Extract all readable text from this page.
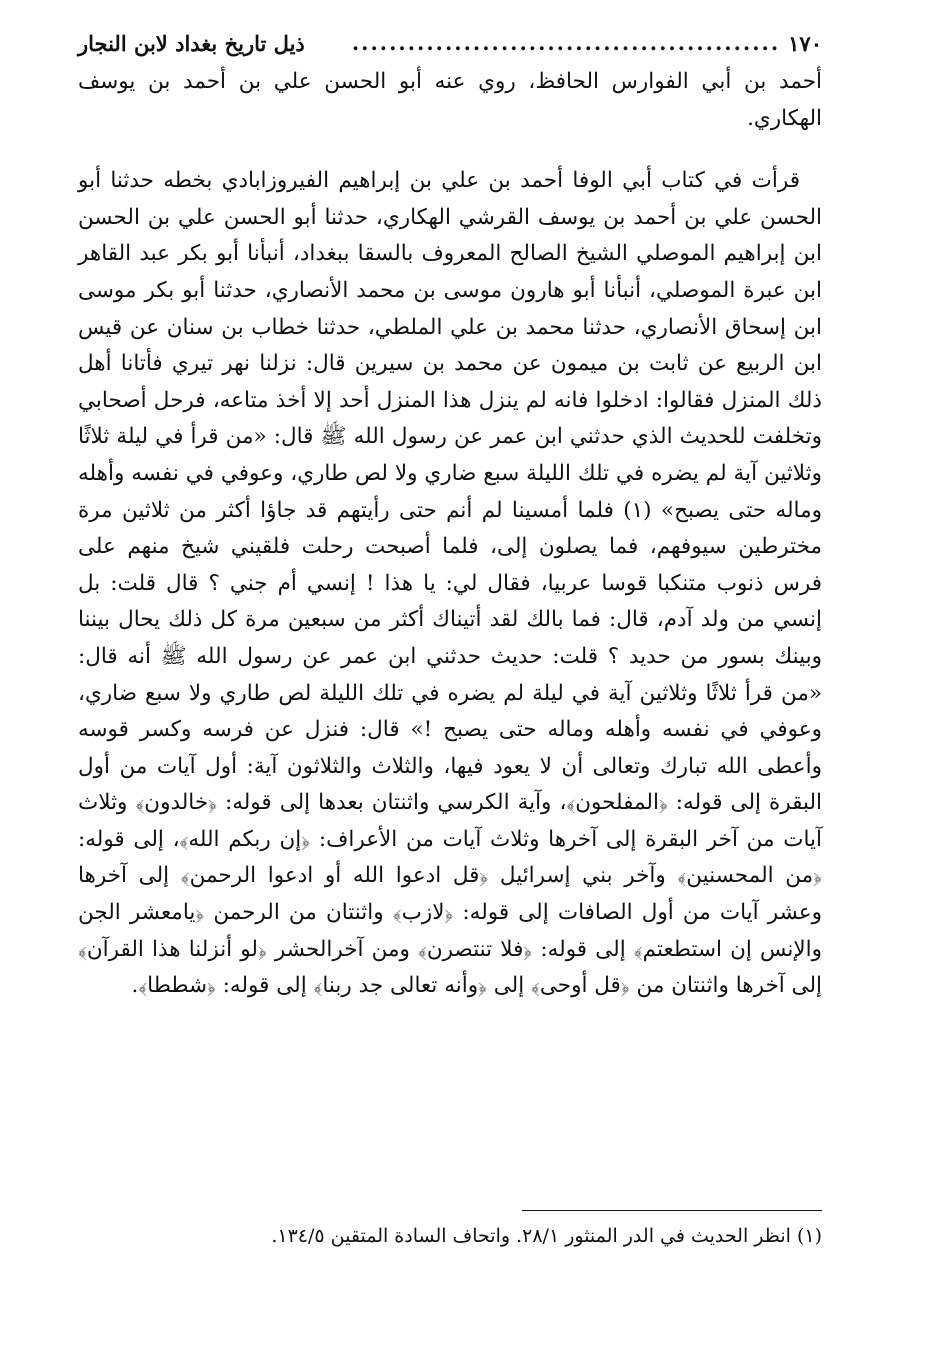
١٧٠
..............................................
ذيل تاريخ بغداد لابن النجار

أحمد بن أبي الفوارس الحافظ، روي عنه أبو الحسن علي بن أحمد بن يوسف الهكاري.

قرأت في كتاب أبي الوفا أحمد بن علي بن إبراهيم الفيروزابادي بخطه حدثنا أبو الحسن علي بن أحمد بن يوسف القرشي الهكاري، حدثنا أبو الحسن علي بن الحسن ابن إبراهيم الموصلي الشيخ الصالح المعروف بالسقا ببغداد، أنبأنا أبو بكر عبد القاهر ابن عبرة الموصلي، أنبأنا أبو هارون موسى بن محمد الأنصاري، حدثنا أبو بكر موسى ابن إسحاق الأنصاري، حدثنا محمد بن علي الملطي، حدثنا خطاب بن سنان عن قيس ابن الربيع عن ثابت بن ميمون عن محمد بن سيرين قال: نزلنا نهر تيري فأتانا أهل ذلك المنزل فقالوا: ادخلوا فانه لم ينزل هذا المنزل أحد إلا أخذ متاعه، فرحل أصحابي وتخلفت للحديث الذي حدثني ابن عمر عن رسول الله ﷺ قال: «من قرأ في ليلة ثلاثًا وثلاثين آية لم يضره في تلك الليلة سبع ضاري ولا لص طاري، وعوفي في نفسه وأهله وماله حتى يصبح» (١) فلما أمسينا لم أنم حتى رأيتهم قد جاؤا أكثر من ثلاثين مرة مخترطين سيوفهم، فما يصلون إلى، فلما أصبحت رحلت فلقيني شيخ منهم على فرس ذنوب متنكبا قوسا عربيا، فقال لي: يا هذا ! إنسي أم جني ؟ قال قلت: بل إنسي من ولد آدم، قال: فما بالك لقد أتيناك أكثر من سبعين مرة كل ذلك يحال بيننا وبينك بسور من حديد ؟ قلت: حديث حدثني ابن عمر عن رسول الله ﷺ أنه قال: «من قرأ ثلاثًا وثلاثين آية في ليلة لم يضره في تلك الليلة لص طاري ولا سبع ضاري، وعوفي في نفسه وأهله وماله حتى يصبح !» قال: فنزل عن فرسه وكسر قوسه وأعطى الله تبارك وتعالى أن لا يعود فيها، والثلاث والثلاثون آية: أول آيات من أول البقرة إلى قوله: ﴿المفلحون﴾، وآية الكرسي واثنتان بعدها إلى قوله: ﴿خالدون﴾ وثلاث آيات من آخر البقرة إلى آخرها وثلاث آيات من الأعراف: ﴿إن ربكم الله﴾، إلى قوله: ﴿من المحسنين﴾ وآخر بني إسرائيل ﴿قل ادعوا الله أو ادعوا الرحمن﴾ إلى آخرها وعشر آيات من أول الصافات إلى قوله: ﴿لازب﴾ واثنتان من الرحمن ﴿يامعشر الجن والإنس إن استطعتم﴾ إلى قوله: ﴿فلا تنتصرن﴾ ومن آخرالحشر ﴿لو أنزلنا هذا القرآن﴾ إلى آخرها واثنتان من ﴿قل أوحى﴾ إلى ﴿وأنه تعالى جد ربنا﴾ إلى قوله: ﴿شططا﴾.

(١) انظر الحديث في الدر المنثور ٢٨/١. واتحاف السادة المتقين ١٣٤/٥.
